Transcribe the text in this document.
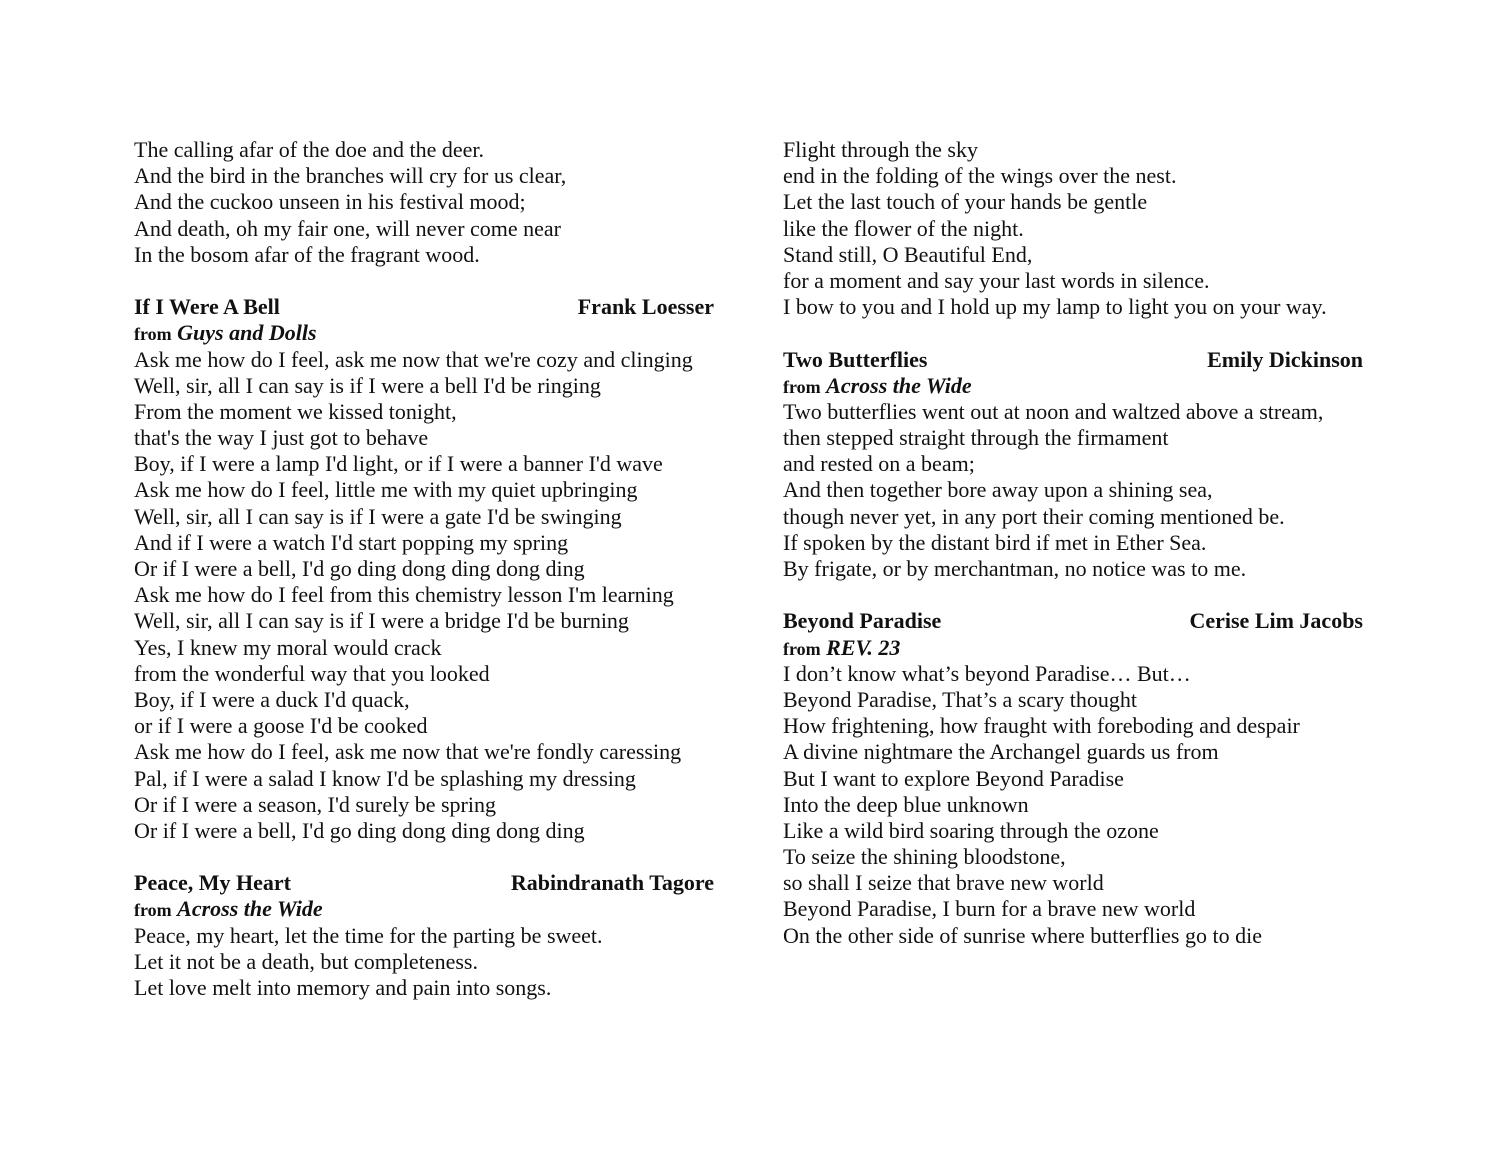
The calling afar of the doe and the deer.
And the bird in the branches will cry for us clear,
And the cuckoo unseen in his festival mood;
And death, oh my fair one, will never come near
In the bosom afar of the fragrant wood.
If I Were A Bell	Frank Loesser
from Guys and Dolls
Ask me how do I feel, ask me now that we're cozy and clinging
Well, sir, all I can say is if I were a bell I'd be ringing
From the moment we kissed tonight,
that's the way I just got to behave
Boy, if I were a lamp I'd light, or if I were a banner I'd wave
Ask me how do I feel, little me with my quiet upbringing
Well, sir, all I can say is if I were a gate I'd be swinging
And if I were a watch I'd start popping my spring
Or if I were a bell, I'd go ding dong ding dong ding
Ask me how do I feel from this chemistry lesson I'm learning
Well, sir, all I can say is if I were a bridge I'd be burning
Yes, I knew my moral would crack
from the wonderful way that you looked
Boy, if I were a duck I'd quack,
or if I were a goose I'd be cooked
Ask me how do I feel, ask me now that we're fondly caressing
Pal, if I were a salad I know I'd be splashing my dressing
Or if I were a season, I'd surely be spring
Or if I were a bell, I'd go ding dong ding dong ding
Peace, My Heart	Rabindranath Tagore
from Across the Wide
Peace, my heart, let the time for the parting be sweet.
Let it not be a death, but completeness.
Let love melt into memory and pain into songs.
Flight through the sky
end in the folding of the wings over the nest.
Let the last touch of your hands be gentle
like the flower of the night.
Stand still, O Beautiful End,
for a moment and say your last words in silence.
I bow to you and I hold up my lamp to light you on your way.
Two Butterflies	Emily Dickinson
from Across the Wide
Two butterflies went out at noon and waltzed above a stream,
then stepped straight through the firmament
and rested on a beam;
And then together bore away upon a shining sea,
though never yet, in any port their coming mentioned be.
If spoken by the distant bird if met in Ether Sea.
By frigate, or by merchantman, no notice was to me.
Beyond Paradise	Cerise Lim Jacobs
from REV. 23
I don’t know what’s beyond Paradise… But…
Beyond Paradise, That’s a scary thought
How frightening, how fraught with foreboding and despair
A divine nightmare the Archangel guards us from
But I want to explore Beyond Paradise
Into the deep blue unknown
Like a wild bird soaring through the ozone
To seize the shining bloodstone,
so shall I seize that brave new world
Beyond Paradise, I burn for a brave new world
On the other side of sunrise where butterflies go to die
